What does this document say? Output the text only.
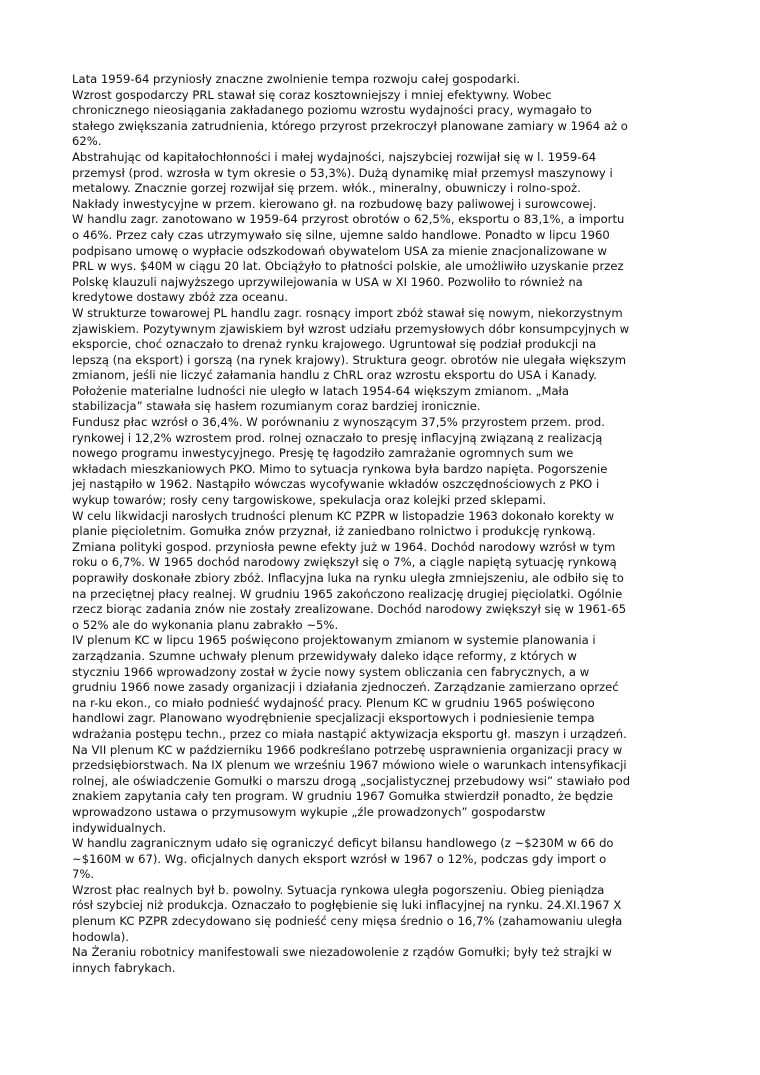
Lata 1959-64 przyniosły znaczne zwolnienie tempa rozwoju całej gospodarki.
Wzrost gospodarczy PRL stawał się coraz kosztowniejszy i mniej efektywny. Wobec
chronicznego nieosiągania zakładanego poziomu wzrostu wydajności pracy, wymagało to
stałego zwiększania zatrudnienia, którego przyrost przekroczył planowane zamiary w 1964 aż o
62%.
Abstrahując od kapitałochłonności i małej wydajności, najszybciej rozwijał się w l. 1959-64
przemysł (prod. wzrosła w tym okresie o 53,3%). Dużą dynamikę miał przemysł maszynowy i
metalowy. Znacznie gorzej rozwijał się przem. włók., mineralny, obuwniczy i rolno-spoż.
Nakłady inwestycyjne w przem. kierowano gł. na rozbudowę bazy paliwowej i surowcowej.
W handlu zagr. zanotowano w 1959-64 przyrost obrotów o 62,5%, eksportu o 83,1%, a importu
o 46%. Przez cały czas utrzymywało się silne, ujemne saldo handlowe. Ponadto w lipcu 1960
podpisano umowę o wypłacie odszkodowań obywatelom USA za mienie znacjonalizowane w
PRL w wys. $40M w ciągu 20 lat. Obciążyło to płatności polskie, ale umożliwiło uzyskanie przez
Polskę klauzuli najwyższego uprzywilejowania w USA w XI 1960. Pozwoliło to również na
kredytowe dostawy zbóż zza oceanu.
W strukturze towarowej PL handlu zagr. rosnący import zbóż stawał się nowym, niekorzystnym
zjawiskiem. Pozytywnym zjawiskiem był wzrost udziału przemysłowych dóbr konsumpcyjnych w
eksporcie, choć oznaczało to drenaż rynku krajowego. Ugruntował się podział produkcji na
lepszą (na eksport) i gorszą (na rynek krajowy). Struktura geogr. obrotów nie ulegała większym
zmianom, jeśli nie liczyć załamania handlu z ChRL oraz wzrostu eksportu do USA i Kanady.
Położenie materialne ludności nie uległo w latach 1954-64 większym zmianom. „Mała
stabilizacja” stawała się hasłem rozumianym coraz bardziej ironicznie.
Fundusz płac wzrósł o 36,4%. W porównaniu z wynoszącym 37,5% przyrostem przem. prod.
rynkowej i 12,2% wzrostem prod. rolnej oznaczało to presję inflacyjną związaną z realizacją
nowego programu inwestycyjnego. Presję tę łagodziło zamrażanie ogromnych sum we
wkładach mieszkaniowych PKO. Mimo to sytuacja rynkowa była bardzo napięta. Pogorszenie
jej nastąpiło w 1962. Nastąpiło wówczas wycofywanie wkładów oszczędnościowych z PKO i
wykup towarów; rosły ceny targowiskowe, spekulacja oraz kolejki przed sklepami.
W celu likwidacji narosłych trudności plenum KC PZPR w listopadzie 1963 dokonało korekty w
planie pięcioletnim. Gomułka znów przyznał, iż zaniedbano rolnictwo i produkcję rynkową.
Zmiana polityki gospod. przyniosła pewne efekty już w 1964. Dochód narodowy wzrósł w tym
roku o 6,7%. W 1965 dochód narodowy zwiększył się o 7%, a ciągle napiętą sytuację rynkową
poprawiły doskonałe zbiory zbóż. Inflacyjna luka na rynku uległa zmniejszeniu, ale odbiło się to
na przeciętnej płacy realnej. W grudniu 1965 zakończono realizację drugiej pięciolatki. Ogólnie
rzecz biorąc zadania znów nie zostały zrealizowane. Dochód narodowy zwiększył się w 1961-65
o 52% ale do wykonania planu zabrakło ~5%.
IV plenum KC w lipcu 1965 poświęcono projektowanym zmianom w systemie planowania i
zarządzania. Szumne uchwały plenum przewidywały daleko idące reformy, z których w
styczniu 1966 wprowadzony został w życie nowy system obliczania cen fabrycznych, a w
grudniu 1966 nowe zasady organizacji i działania zjednoczeń. Zarządzanie zamierzano oprzeć
na r-ku ekon., co miało podnieść wydajność pracy. Plenum KC w grudniu 1965 poświęcono
handlowi zagr. Planowano wyodrębnienie specjalizacji eksportowych i podniesienie tempa
wdrażania postępu techn., przez co miała nastąpić aktywizacja eksportu gł. maszyn i urządzeń.
Na VII plenum KC w październiku 1966 podkreślano potrzebę usprawnienia organizacji pracy w
przedsiębiorstwach. Na IX plenum we wrześniu 1967 mówiono wiele o warunkach intensyfikacji
rolnej, ale oświadczenie Gomułki o marszu drogą „socjalistycznej przebudowy wsi” stawiało pod
znakiem zapytania cały ten program. W grudniu 1967 Gomułka stwierdził ponadto, że będzie
wprowadzono ustawa o przymusowym wykupie „źle prowadzonych” gospodarstw
indywidualnych.
W handlu zagranicznym udało się ograniczyć deficyt bilansu handlowego (z ~$230M w 66 do
~$160M w 67). Wg. oficjalnych danych eksport wzrósł w 1967 o 12%, podczas gdy import o
7%.
Wzrost płac realnych był b. powolny. Sytuacja rynkowa uległa pogorszeniu. Obieg pieniądza
rósł szybciej niż produkcja. Oznaczało to pogłębienie się luki inflacyjnej na rynku. 24.XI.1967 X
plenum KC PZPR zdecydowano się podnieść ceny mięsa średnio o 16,7% (zahamowaniu uległa
hodowla).
Na Żeraniu robotnicy manifestowali swe niezadowolenie z rządów Gomułki; były też strajki w
innych fabrykach.
